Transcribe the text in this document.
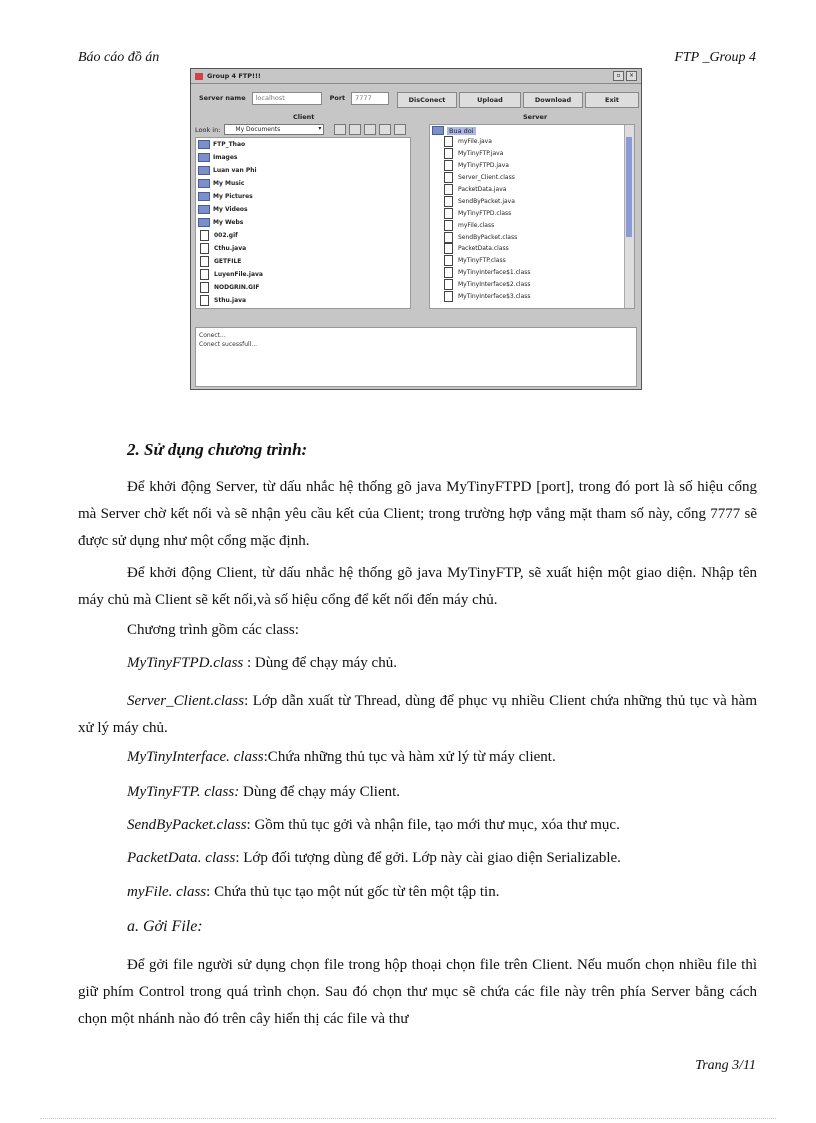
Báo cáo đồ án	FTP _Group 4
Group 4 FTP!!!	▫	×
Server name	localhost	Port	7777	DisConect	Upload	Download	Exit
Client	Server
Look in:	My Documents ▾
FTP_Thao
Images
Luan van Phi
My Music
My Pictures
My Videos
My Webs
002.gif
Cthu.java
GETFILE
LuyenFile.java
NODGRIN.GIF
Sthu.java
Bua doi
myFile.java
MyTinyFTP.java
MyTinyFTPD.java
Server_Client.class
PacketData.java
SendByPacket.java
MyTinyFTPD.class
myFile.class
SendByPacket.class
PacketData.class
MyTinyFTP.class
MyTinyInterface$1.class
MyTinyInterface$2.class
MyTinyInterface$3.class
Conect...
Conect sucessfull...
2. Sử dụng chương trình:
Để khởi động Server, từ dấu nhắc hệ thống gõ java MyTinyFTPD [port], trong đó port là số hiệu cổng mà Server chờ kết nối và sẽ nhận yêu cầu kết của Client; trong trường hợp vắng mặt tham số này, cổng 7777 sẽ được sử dụng như một cổng mặc định.
Để khởi động Client, từ dấu nhắc hệ thống gõ java MyTinyFTP, sẽ xuất hiện một giao diện. Nhập tên máy chủ mà Client sẽ kết nối,và số hiệu cổng để kết nối đến máy chủ.
Chương trình gồm các class:
MyTinyFTPD.class : Dùng để chạy máy chủ.
Server_Client.class: Lớp dẫn xuất từ Thread, dùng để phục vụ nhiều Client chứa những thủ tục và hàm xử lý máy chủ.
MyTinyInterface. class:Chứa những thủ tục và hàm xử lý từ máy client.
MyTinyFTP. class: Dùng để chạy máy Client.
SendByPacket.class: Gồm thủ tục gởi và nhận file, tạo mới thư mục, xóa thư mục.
PacketData. class: Lớp đối tượng dùng để gởi. Lớp này cài giao diện Serializable.
myFile. class: Chứa thủ tục tạo một nút gốc từ tên một tập tin.
a. Gởi File:
Để gởi file người sử dụng chọn file trong hộp thoại chọn file trên Client. Nếu muốn chọn nhiều file thì giữ phím Control trong quá trình chọn. Sau đó chọn thư mục sẽ chứa các file này trên phía Server bằng cách chọn một nhánh nào đó trên cây hiển thị các file và thư
Trang 3/11
